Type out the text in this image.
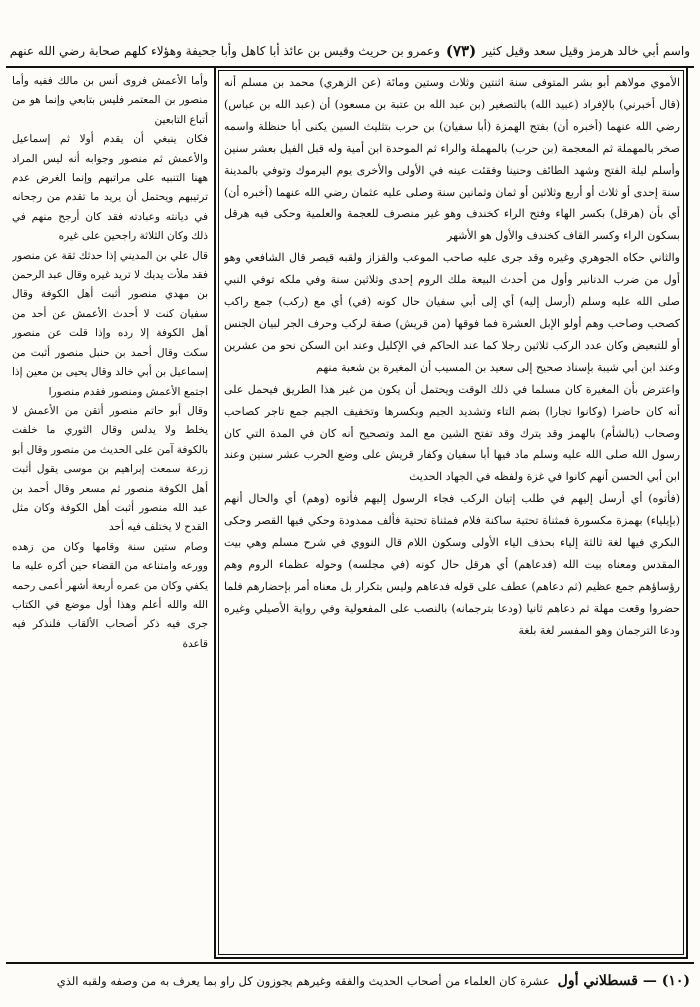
واسم أبي خالد هرمز وقيل سعد وقيل كثير
(٧٣)
وعمرو بن حريث وقيس بن عائذ أبا كاهل وأبا جحيفة وهؤلاء كلهم صحابة رضي الله عنهم

الأموي مولاهم أبو بشر المتوفى سنة اثنتين وثلاث وستين ومائة (عن الزهري) محمد بن مسلم أنه (قال أخبرني) بالإفراد (عبيد الله) بالتصغير (بن عبد الله بن عتبة بن مسعود) أن (عبد الله بن عباس) رضي الله عنهما (أخبره أن) بفتح الهمزة (أبا سفيان) بن حرب بتثليث السين يكنى أبا حنظلة واسمه صخر بالمهملة ثم المعجمة (بن حرب) بالمهملة والراء ثم الموحدة ابن أمية وله قبل الفيل بعشر سنين وأسلم ليلة الفتح وشهد الطائف وحنينا وفقئت عينه في الأولى والأخرى يوم اليرموك وتوفي بالمدينة سنة إحدى أو ثلاث أو أربع وثلاثين أو ثمان وثمانين سنة وصلى عليه عثمان رضي الله عنهما (أخبره أن) أي بأن (هرقل) بكسر الهاء وفتح الراء كخندف وهو غير منصرف للعجمة والعلمية وحكى فيه هرقل بسكون الراء وكسر القاف كخندف والأول هو الأشهر

والثاني حكاه الجوهري وغيره وقد جرى عليه صاحب الموعب والقزاز ولقبه قيصر قال الشافعي وهو أول من ضرب الدنانير وأول من أحدث البيعة ملك الروم إحدى وثلاثين سنة وفي ملكه توفي النبي صلى الله عليه وسلم (أرسل إليه) أي إلى أبي سفيان حال كونه (في) أي مع (ركب) جمع راكب كصحب وصاحب وهم أولو الإبل العشرة فما فوقها (من قريش) صفة لركب وحرف الجر لبيان الجنس أو للتبعيض وكان عدد الركب ثلاثين رجلا كما عند الحاكم في الإكليل وعند ابن السكن نحو من عشرين وعند ابن أبي شيبة بإسناد صحيح إلى سعيد بن المسيب أن المغيرة بن شعبة منهم

واعترض بأن المغيرة كان مسلما في ذلك الوقت ويحتمل أن يكون من غير هذا الطريق فيحمل على أنه كان حاضرا (وكانوا تجارا) بضم التاء وتشديد الجيم وبكسرها وتخفيف الجيم جمع تاجر كصاحب وصحاب (بالشأم) بالهمز وقد يترك وقد تفتح الشين مع المد وتصحيح أنه كان في المدة التي كان رسول الله صلى الله عليه وسلم ماد فيها أبا سفيان وكفار قريش على وضع الحرب عشر سنين وعند ابن أبي الحسن أنهم كانوا في غزة ولفظه في الجهاد الحديث

(فأتوه) أي أرسل إليهم في طلب إتيان الركب فجاء الرسول إليهم فأتوه (وهم) أي والحال أنهم (بإيلياء) بهمزة مكسورة فمثناة تحتية ساكنة فلام فمثناة تحتية فألف ممدودة وحكي فيها القصر وحكى البكري فيها لغة ثالثة إلياء بحذف الياء الأولى وسكون اللام قال النووي في شرح مسلم وهي بيت المقدس ومعناه بيت الله (فدعاهم) أي هرقل حال كونه (في مجلسه) وحوله عظماء الروم وهم رؤساؤهم جمع عظيم (ثم دعاهم) عطف على قوله فدعاهم وليس بتكرار بل معناه أمر بإحضارهم فلما حضروا وقعت مهلة ثم دعاهم ثانيا (ودعا بترجمانه) بالنصب على المفعولية وفي رواية الأصيلي وغيره ودعا الترجمان وهو المفسر لغة بلغة

وأما الأعمش فروى أنس بن مالك ففيه وأما منصور بن المعتمر فليس بتابعي وإنما هو من أتباع التابعين

فكان ينبغي أن يقدم أولا ثم إسماعيل والأعمش ثم منصور وجوابه أنه ليس المراد ههنا التنبيه على مراتبهم وإنما الغرض عدم ترتيبهم ويحتمل أن يريد ما تقدم من رجحانه في ديانته وعبادته فقد كان أرجح منهم في ذلك وكان الثلاثة راجحين على غيره

قال علي بن المديني إذا حدثك ثقة عن منصور فقد ملأت يديك لا تريد غيره وقال عبد الرحمن بن مهدي منصور أثبت أهل الكوفة وقال سفيان كنت لا أحدث الأعمش عن أحد من أهل الكوفة إلا رده وإذا قلت عن منصور سكت وقال أحمد بن حنبل منصور أثبت من إسماعيل بن أبي خالد وقال يحيى بن معين إذا اجتمع الأعمش ومنصور فقدم منصورا

وقال أبو حاتم منصور أتقن من الأعمش لا يخلط ولا يدلس وقال الثوري ما خلفت بالكوفة آمن على الحديث من منصور وقال أبو زرعة سمعت إبراهيم بن موسى يقول أثبت أهل الكوفة منصور ثم مسعر وقال أحمد بن عبد الله منصور أثبت أهل الكوفة وكان مثل القدح لا يختلف فيه أحد

وصام ستين سنة وقامها وكان من زهده وورعه وامتناعه من القضاء حين أكره عليه ما يكفي وكان من عمره أربعة أشهر أعمى رحمه الله والله أعلم وهذا أول موضع في الكتاب جرى فيه ذكر أصحاب الألقاب فلنذكر فيه قاعدة

(١٠) — قسطلاني أول
عشرة كان العلماء من أصحاب الحديث والفقه وغيرهم يجوزون كل راو بما يعرف به من وصفه ولقبه الذي
